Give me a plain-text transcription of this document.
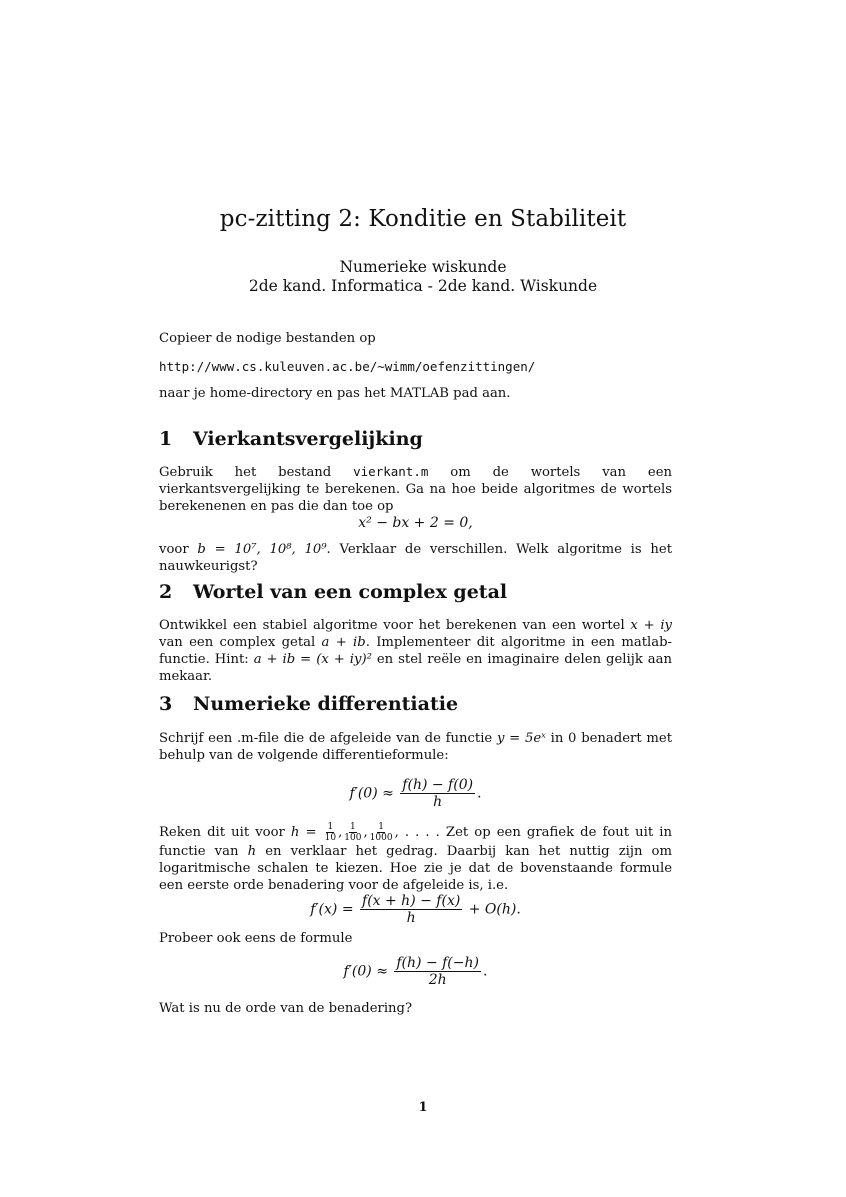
pc-zitting 2: Konditie en Stabiliteit
Numerieke wiskunde
2de kand. Informatica - 2de kand. Wiskunde
Copieer de nodige bestanden op
http://www.cs.kuleuven.ac.be/~wimm/oefenzittingen/
naar je home-directory en pas het MATLAB pad aan.
1 Vierkantsvergelijking
Gebruik het bestand vierkant.m om de wortels van een vierkantsvergelijking te berekenen. Ga na hoe beide algoritmes de wortels berekenenen en pas die dan toe op
x² − bx + 2 = 0,
voor b = 10⁷, 10⁸, 10⁹. Verklaar de verschillen. Welk algoritme is het nauwkeurigst?
2 Wortel van een complex getal
Ontwikkel een stabiel algoritme voor het berekenen van een wortel x + iy van een complex getal a + ib. Implementeer dit algoritme in een matlab-functie. Hint: a + ib = (x + iy)² en stel reële en imaginaire delen gelijk aan mekaar.
3 Numerieke differentiatie
Schrijf een .m-file die de afgeleide van de functie y = 5eˣ in 0 benadert met behulp van de volgende differentieformule:
$f'(0) \approx \frac{f(h) - f(0)}{h}$ .
Reken dit uit voor $h = \frac{1}{10}$ , $\frac{1}{100}$ , $\frac{1}{1000}$ , . . . . Zet op een grafiek de fout uit in functie van h en verklaar het gedrag. Daarbij kan het nuttig zijn om logaritmische schalen te kiezen. Hoe zie je dat de bovenstaande formule een eerste orde benadering voor de afgeleide is, i.e.
$f'(x) = \frac{f(x + h) - f(x)}{h} + O(h)$.
Probeer ook eens de formule
$f'(0) \approx \frac{f(h) - f(-h)}{2h}$ .
Wat is nu de orde van de benadering?
1
